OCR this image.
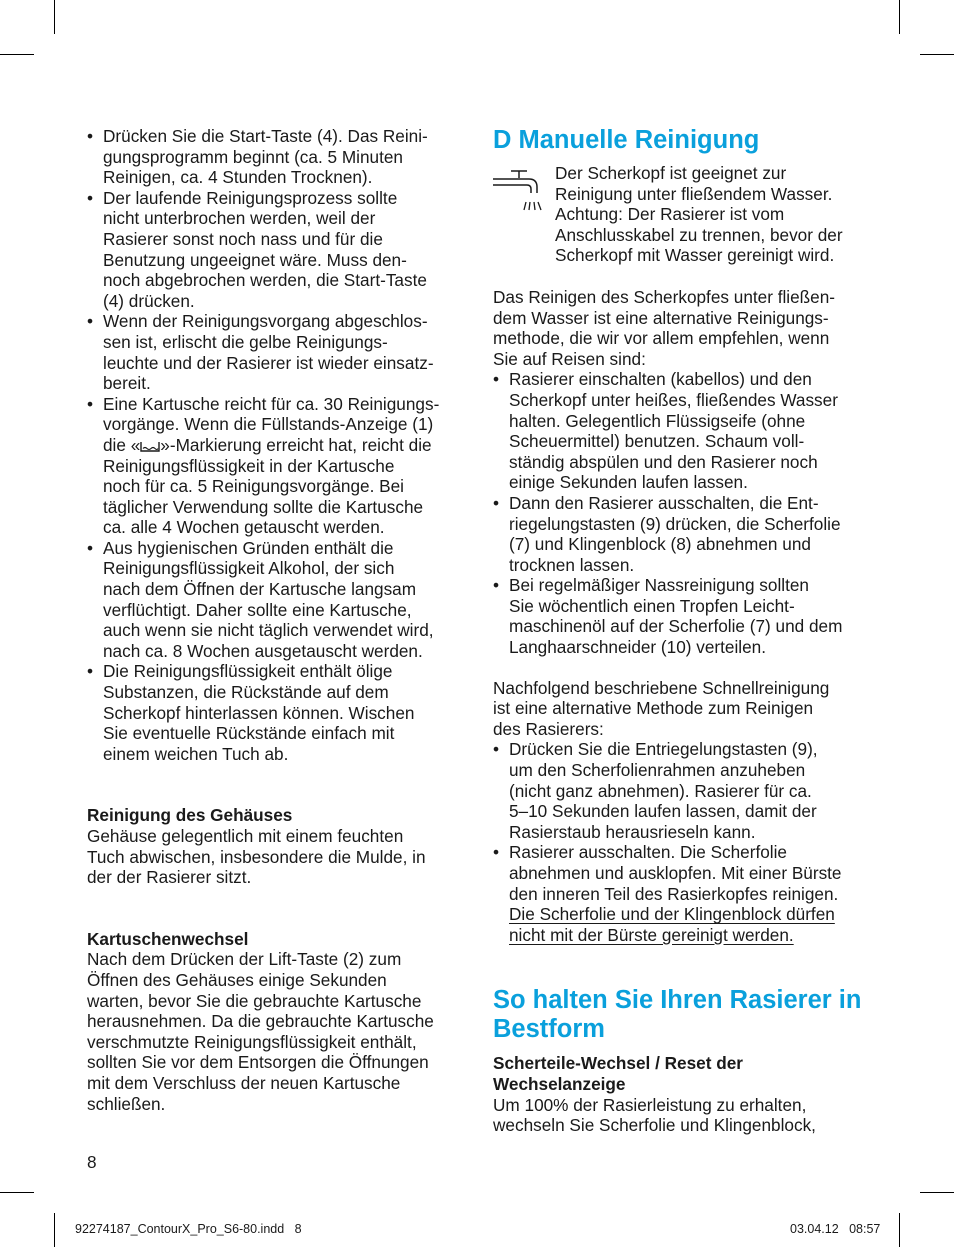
• Drücken Sie die Start-Taste (4). Das Reini-
gungsprogramm beginnt (ca. 5 Minuten
Reinigen, ca. 4 Stunden Trocknen).
• Der laufende Reinigungsprozess sollte
nicht unterbrochen werden, weil der
Rasierer sonst noch nass und für die
Benutzung ungeeignet wäre. Muss den-
noch abgebrochen werden, die Start-Taste
(4) drücken.
• Wenn der Reinigungsvorgang abgeschlos-
sen ist, erlischt die gelbe Reinigungs-
leuchte und der Rasierer ist wieder einsatz-
bereit.
• Eine Kartusche reicht für ca. 30 Reinigungs-
vorgänge. Wenn die Füllstands-Anzeige (1)
die « »-Markierung erreicht hat, reicht die
Reinigungsflüssigkeit in der Kartusche
noch für ca. 5 Reinigungsvorgänge. Bei
täglicher Verwendung sollte die Kartusche
ca. alle 4 Wochen getauscht werden.
• Aus hygienischen Gründen enthält die
Reinigungsflüssigkeit Alkohol, der sich
nach dem Öffnen der Kartusche langsam
verflüchtigt. Daher sollte eine Kartusche,
auch wenn sie nicht täglich verwendet wird,
nach ca. 8 Wochen ausgetauscht werden.
• Die Reinigungsflüssigkeit enthält ölige
Substanzen, die Rückstände auf dem
Scherkopf hinterlassen können. Wischen
Sie eventuelle Rückstände einfach mit
einem weichen Tuch ab.

Reinigung des Gehäuses

Gehäuse gelegentlich mit einem feuchten
Tuch abwischen, insbesondere die Mulde, in
der der Rasierer sitzt.

Kartuschenwechsel

Nach dem Drücken der Lift-Taste (2) zum
Öffnen des Gehäuses einige Sekunden
warten, bevor Sie die gebrauchte Kartusche
herausnehmen. Da die gebrauchte Kartusche
verschmutzte Reinigungsflüssigkeit enthält,
sollten Sie vor dem Entsorgen die Öffnungen
mit dem Verschluss der neuen Kartusche
schließen.

D Manuelle Reinigung

Der Scherkopf ist geeignet zur
Reinigung unter fließendem Wasser.
Achtung: Der Rasierer ist vom
Anschlusskabel zu trennen, bevor der
Scherkopf mit Wasser gereinigt wird.

Das Reinigen des Scherkopfes unter fließen-
dem Wasser ist eine alternative Reinigungs-
methode, die wir vor allem empfehlen, wenn
Sie auf Reisen sind:

• Rasierer einschalten (kabellos) und den
Scherkopf unter heißes, fließendes Wasser
halten. Gelegentlich Flüssigseife (ohne
Scheuermittel) benutzen. Schaum voll-
ständig abspülen und den Rasierer noch
einige Sekunden laufen lassen.
• Dann den Rasierer ausschalten, die Ent-
riegelungstasten (9) drücken, die Scherfolie
(7) und Klingenblock (8) abnehmen und
trocknen lassen.
• Bei regelmäßiger Nassreinigung sollten
Sie wöchentlich einen Tropfen Leicht-
maschinenöl auf der Scherfolie (7) und dem
Langhaarschneider (10) verteilen.

Nachfolgend beschriebene Schnellreinigung
ist eine alternative Methode zum Reinigen
des Rasierers:

• Drücken Sie die Entriegelungstasten (9),
um den Scherfolienrahmen anzuheben
(nicht ganz abnehmen). Rasierer für ca.
5–10 Sekunden laufen lassen, damit der
Rasierstaub herausrieseln kann.
• Rasierer ausschalten. Die Scherfolie
abnehmen und ausklopfen. Mit einer Bürste
den inneren Teil des Rasierkopfes reinigen.
Die Scherfolie und der Klingenblock dürfen
nicht mit der Bürste gereinigt werden.
So halten Sie Ihren Rasierer in
Bestform

Scherteile-Wechsel / Reset der
Wechselanzeige

Um 100% der Rasierleistung zu erhalten,
wechseln Sie Scherfolie und Klingenblock,

8
92274187_ContourX_Pro_S6-80.indd   8	03.04.12   08:57
